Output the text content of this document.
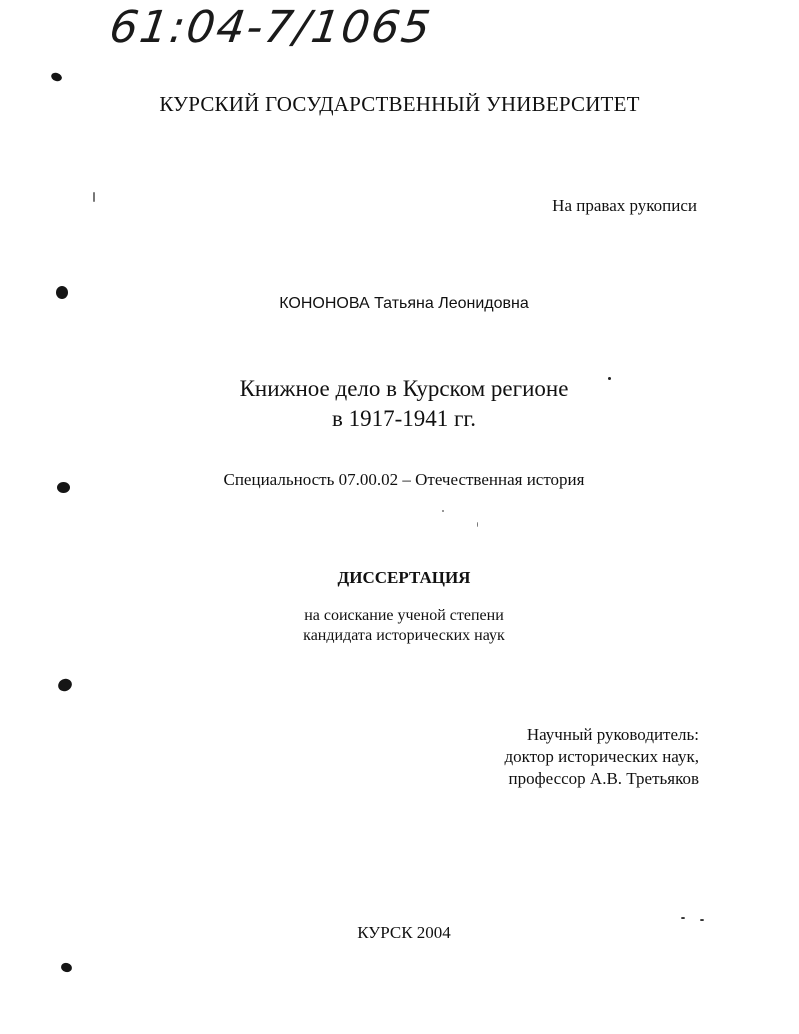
61:04-7/1065
КУРСКИЙ ГОСУДАРСТВЕННЫЙ УНИВЕРСИТЕТ
На правах рукописи
КОНОНОВА Татьяна Леонидовна
Книжное дело в Курском регионе
в 1917-1941 гг.
Специальность 07.00.02 – Отечественная история
ДИССЕРТАЦИЯ
на соискание ученой степени
кандидата исторических наук
Научный руководитель:
доктор исторических наук,
профессор А.В. Третьяков
КУРСК 2004
